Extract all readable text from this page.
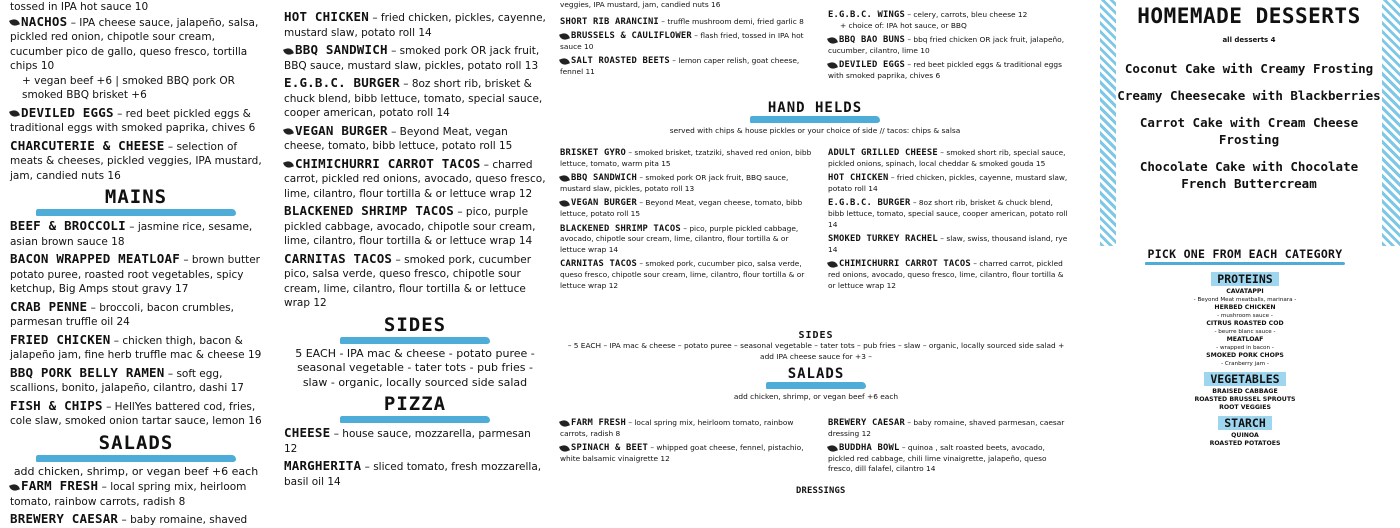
tossed in IPA hot sauce 10
NACHOS – IPA cheese sauce, jalapeño, salsa, pickled red onion, chipotle sour cream, cucumber pico de gallo, queso fresco, tortilla chips 10
+ vegan beef +6 | smoked BBQ pork OR smoked BBQ brisket +6
DEVILED EGGS – red beet pickled eggs & traditional eggs with smoked paprika, chives 6
CHARCUTERIE & CHEESE – selection of meats & cheeses, pickled veggies, IPA mustard, jam, candied nuts 16
MAINS
BEEF & BROCCOLI – jasmine rice, sesame, asian brown sauce 18
BACON WRAPPED MEATLOAF – brown butter potato puree, roasted root vegetables, spicy ketchup, Big Amps stout gravy 17
CRAB PENNE – broccoli, bacon crumbles, parmesan truffle oil 24
FRIED CHICKEN – chicken thigh, bacon & jalapeño jam, fine herb truffle mac & cheese 19
BBQ PORK BELLY RAMEN – soft egg, scallions, bonito, jalapeño, cilantro, dashi 17
FISH & CHIPS – HellYes battered cod, fries, cole slaw, smoked onion tartar sauce, lemon 16
SALADS
add chicken, shrimp, or vegan beef +6 each
FARM FRESH – local spring mix, heirloom tomato, rainbow carrots, radish 8
BREWERY CAESAR – baby romaine, shaved
HOT CHICKEN – fried chicken, pickles, cayenne, mustard slaw, potato roll 14
BBQ SANDWICH – smoked pork OR jack fruit, BBQ sauce, mustard slaw, pickles, potato roll 13
E.G.B.C. BURGER – 8oz short rib, brisket & chuck blend, bibb lettuce, tomato, special sauce, cooper american, potato roll 14
VEGAN BURGER – Beyond Meat, vegan cheese, tomato, bibb lettuce, potato roll 15
CHIMICHURRI CARROT TACOS – charred carrot, pickled red onions, avocado, queso fresco, lime, cilantro, flour tortilla & or lettuce wrap 12
BLACKENED SHRIMP TACOS – pico, purple pickled cabbage, avocado, chipotle sour cream, lime, cilantro, flour tortilla & or lettuce wrap 14
CARNITAS TACOS – smoked pork, cucumber pico, salsa verde, queso fresco, chipotle sour cream, lime, cilantro, flour tortilla & or lettuce wrap 12
SIDES
5 EACH - IPA mac & cheese - potato puree - seasonal vegetable - tater tots - pub fries - slaw - organic, locally sourced side salad
PIZZA
CHEESE – house sauce, mozzarella, parmesan 12
MARGHERITA – sliced tomato, fresh mozzarella, basil oil 14
veggies, IPA mustard, jam, candied nuts 16
SHORT RIB ARANCINI – truffle mushroom demi, fried garlic 8
BRUSSELS & CAULIFLOWER – flash fried, tossed in IPA hot sauce 10
SALT ROASTED BEETS – lemon caper relish, goat cheese, fennel 11
E.G.B.C. WINGS – celery, carrots, bleu cheese 12
+ choice of: IPA hot sauce, or BBQ
BBQ BAO BUNS – bbq fried chicken OR jack fruit, jalapeño, cucumber, cilantro, lime 10
DEVILED EGGS – red beet pickled eggs & traditional eggs with smoked paprika, chives 6
HAND HELDS
served with chips & house pickles or your choice of side // tacos: chips & salsa
BRISKET GYRO – smoked brisket, tzatziki, shaved red onion, bibb lettuce, tomato, warm pita 15
BBQ SANDWICH – smoked pork OR jack fruit, BBQ sauce, mustard slaw, pickles, potato roll 13
VEGAN BURGER – Beyond Meat, vegan cheese, tomato, bibb lettuce, potato roll 15
BLACKENED SHRIMP TACOS – pico, purple pickled cabbage, avocado, chipotle sour cream, lime, cilantro, flour tortilla & or lettuce wrap 14
CARNITAS TACOS – smoked pork, cucumber pico, salsa verde, queso fresco, chipotle sour cream, lime, cilantro, flour tortilla & or lettuce wrap 12
ADULT GRILLED CHEESE – smoked short rib, special sauce, pickled onions, spinach, local cheddar & smoked gouda 15
HOT CHICKEN – fried chicken, pickles, cayenne, mustard slaw, potato roll 14
E.G.B.C. BURGER – 8oz short rib, brisket & chuck blend, bibb lettuce, tomato, special sauce, cooper american, potato roll 14
SMOKED TURKEY RACHEL – slaw, swiss, thousand island, rye 14
CHIMICHURRI CARROT TACOS – charred carrot, pickled red onions, avocado, queso fresco, lime, cilantro, flour tortilla & or lettuce wrap 12
SIDES
– 5 EACH – IPA mac & cheese – potato puree – seasonal vegetable – tater tots – pub fries – slaw – organic, locally sourced side salad + add IPA cheese sauce for +3 –
SALADS
add chicken, shrimp, or vegan beef +6 each
FARM FRESH – local spring mix, heirloom tomato, rainbow carrots, radish 8
SPINACH & BEET – whipped goat cheese, fennel, pistachio, white balsamic vinaigrette 12
BREWERY CAESAR – baby romaine, shaved parmesan, caesar dressing 12
BUDDHA BOWL – quinoa , salt roasted beets, avocado, pickled red cabbage, chili lime vinaigrette, jalapeño, queso fresco, dill falafel, cilantro 14
DRESSINGS
HOMEMADE DESSERTS
all desserts 4
Coconut Cake with Creamy Frosting
Creamy Cheesecake with Blackberries
Carrot Cake with Cream Cheese Frosting
Chocolate Cake with Chocolate French Buttercream
PICK ONE FROM EACH CATEGORY
PROTEINS
CAVATAPPI
- Beyond Meat meatballs, marinara -
HERBED CHICKEN
- mushroom sauce -
CITRUS ROASTED COD
- beurre blanc sauce -
MEATLOAF
- wrapped in bacon -
SMOKED PORK CHOPS
- Cranberry jam -
VEGETABLES
BRAISED CABBAGE
ROASTED BRUSSEL SPROUTS
ROOT VEGGIES
STARCH
QUINOA
ROASTED POTATOES
